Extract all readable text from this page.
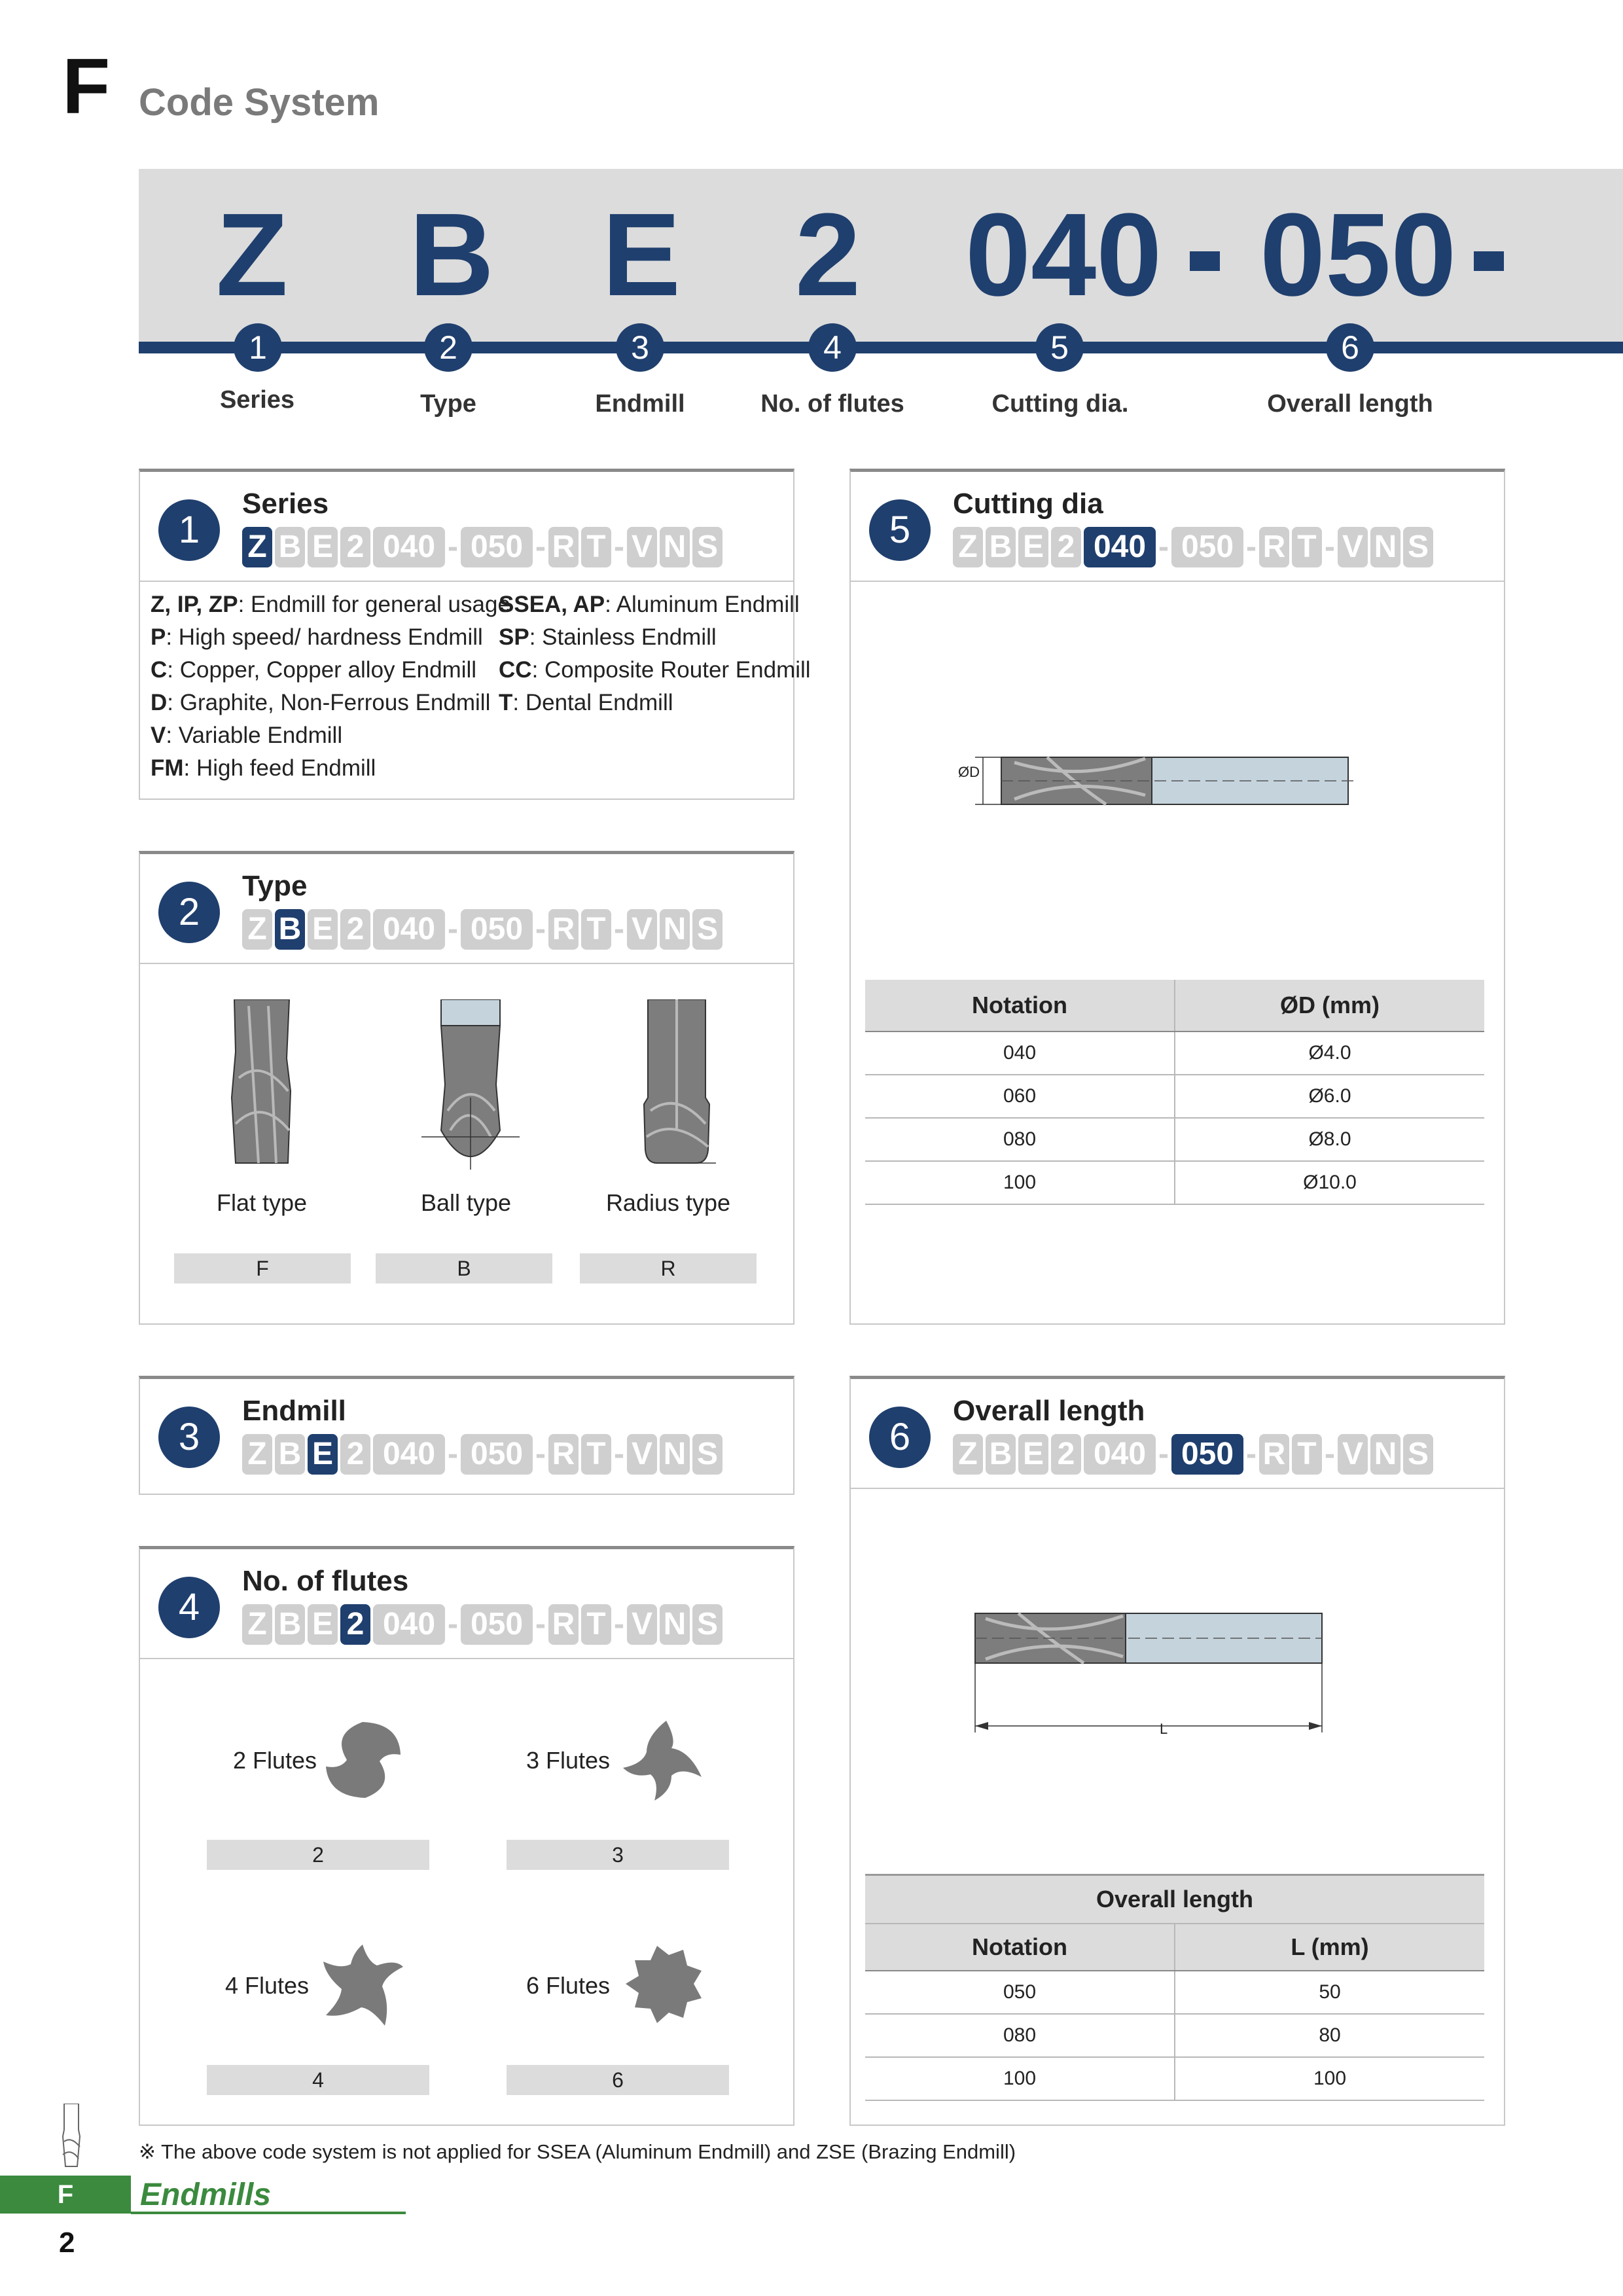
F Code System
Z B E 2 040 050
1	2	3	4	5	6
Series	Type	Endmill	No. of flutes	Cutting dia.	Overall length
1
Series
Z B E 2 040 - 050 - R T - V N S
Z, IP, ZP: Endmill for general usage
P: High speed/ hardness Endmill
C: Copper, Copper alloy Endmill
D: Graphite, Non-Ferrous Endmill
V: Variable Endmill
FM: High feed Endmill
SSEA, AP: Aluminum Endmill
SP: Stainless Endmill
CC: Composite Router Endmill
T: Dental Endmill
2
Type
Z B E 2 040 - 050 - R T - V N S
Flat type	Ball type	Radius type
F	B	R
3
Endmill
Z B E 2 040 - 050 - R T - V N S
4
No. of flutes
Z B E 2 040 - 050 - R T - V N S
2 Flutes	3 Flutes
2	3
4 Flutes	6 Flutes
4	6
5
Cutting dia
Z B E 2 040 - 050 - R T - V N S
ØD
Notation	ØD (mm)
040	Ø4.0
060	Ø6.0
080	Ø8.0
100	Ø10.0
6
Overall length
Z B E 2 040 - 050 - R T - V N S
L
Overall length	
Notation	L (mm)
050	50
080	80
100	100
※ The above code system is not applied for SSEA (Aluminum Endmill) and ZSE (Brazing Endmill)
F	Endmills
2
